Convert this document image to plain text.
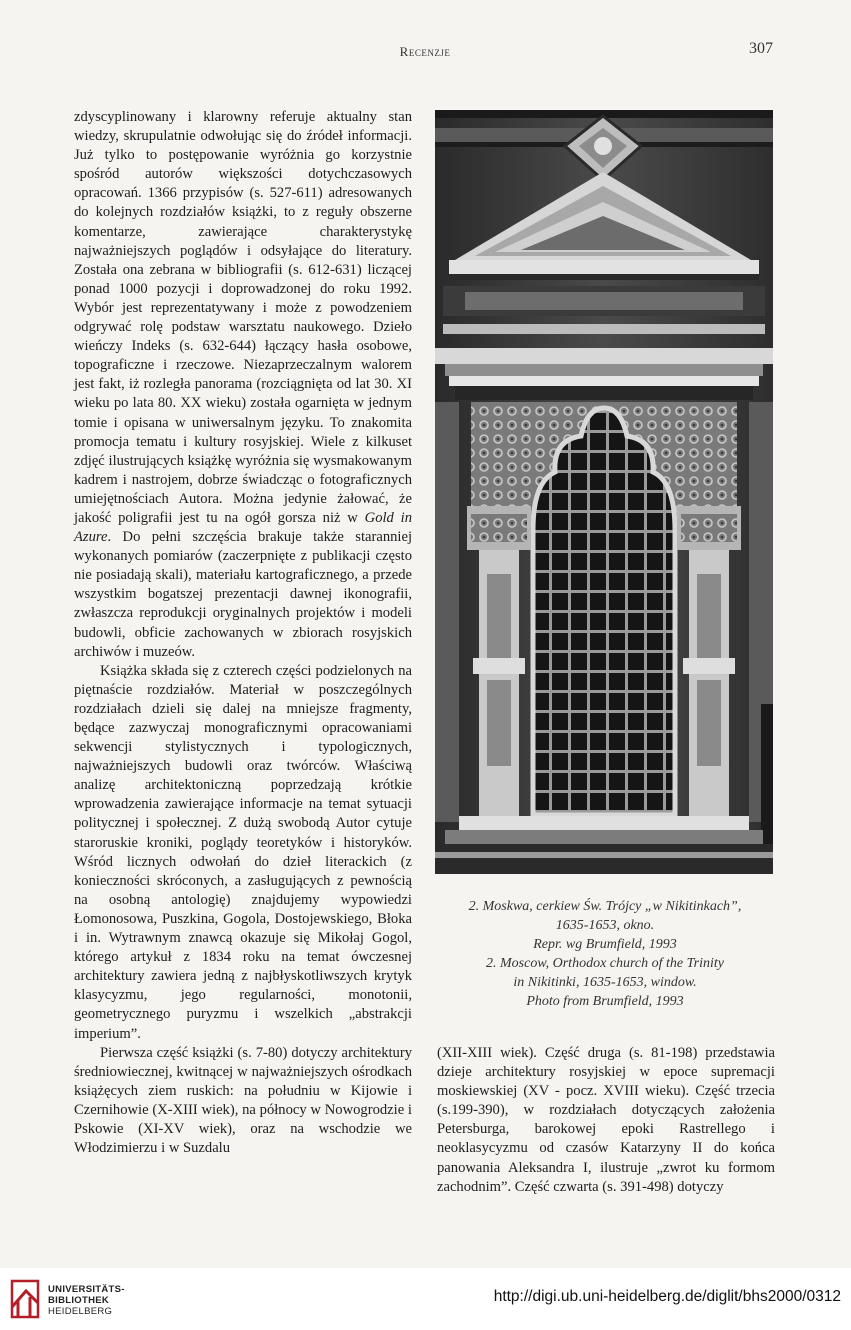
Recenzje	307

zdyscyplinowany i klarowny referuje aktualny stan wiedzy, skrupulatnie odwołując się do źródeł informacji. Już tylko to postępowanie wyróżnia go korzystnie spośród autorów większości dotychczasowych opracowań. 1366 przypisów (s. 527-611) adresowanych do kolejnych rozdziałów książki, to z reguły obszerne komentarze, zawierające charakterystykę najważniejszych poglądów i odsyłające do literatury. Została ona zebrana w bibliografii (s. 612-631) liczącej ponad 1000 pozycji i doprowadzonej do roku 1992. Wybór jest reprezentatywany i może z powodzeniem odgrywać rolę podstaw warsztatu naukowego. Dzieło wieńczy Indeks (s. 632-644) łączący hasła osobowe, topograficzne i rzeczowe. Niezaprzeczalnym walorem jest fakt, iż rozległa panorama (rozciągnięta od lat 30. XI wieku po lata 80. XX wieku) została ogarnięta w jednym tomie i opisana w uniwersalnym języku. To znakomita promocja tematu i kultury rosyjskiej. Wiele z kilkuset zdjęć ilustrujących książkę wyróżnia się wysmakowanym kadrem i nastrojem, dobrze świadcząc o fotograficznych umiejętnościach Autora. Można jedynie żałować, że jakość poligrafii jest tu na ogół gorsza niż w Gold in Azure. Do pełni szczęścia brakuje także staranniej wykonanych pomiarów (zaczerpnięte z publikacji często nie posiadają skali), materiału kartograficznego, a przede wszystkim bogatszej prezentacji dawnej ikonografii, zwłaszcza reprodukcji oryginalnych projektów i modeli budowli, obficie zachowanych w zbiorach rosyjskich archiwów i muzeów.

Książka składa się z czterech części podzielonych na piętnaście rozdziałów. Materiał w poszczególnych rozdziałach dzieli się dalej na mniejsze fragmenty, będące zazwyczaj monograficznymi opracowaniami sekwencji stylistycznych i typologicznych, najważniejszych budowli oraz twórców. Właściwą analizę architektoniczną poprzedzają krótkie wprowadzenia zawierające informacje na temat sytuacji politycznej i społecznej. Z dużą swobodą Autor cytuje staroruskie kroniki, poglądy teoretyków i historyków. Wśród licznych odwołań do dzieł literackich (z konieczności skróconych, a zasługujących z pewnością na osobną antologię) znajdujemy wypowiedzi Łomonosowa, Puszkina, Gogola, Dostojewskiego, Błoka i in. Wytrawnym znawcą okazuje się Mikołaj Gogol, którego artykuł z 1834 roku na temat ówczesnej architektury zawiera jedną z najbłyskotliwszych krytyk klasycyzmu, jego regularności, monotonii, geometrycznego puryzmu i wszelkich „abstrakcji imperium”.

Pierwsza część książki (s. 7-80) dotyczy architektury średniowiecznej, kwitnącej w najważniejszych ośrodkach książęcych ziem ruskich: na południu w Kijowie i Czernihowie (X-XIII wiek), na północy w Nowogrodzie i Pskowie (XI-XV wiek), oraz na wschodzie we Włodzimierzu i w Suzdalu

2. Moskwa, cerkiew Św. Trójcy „w Nikitinkach”,
1635-1653, okno.
Repr. wg Brumfield, 1993
2. Moscow, Orthodox church of the Trinity
in Nikitinki, 1635-1653, window.
Photo from Brumfield, 1993

(XII-XIII wiek). Część druga (s. 81-198) przedstawia dzieje architektury rosyjskiej w epoce supremacji moskiewskiej (XV - pocz. XVIII wieku). Część trzecia (s.199-390), w rozdziałach dotyczących założenia Petersburga, barokowej epoki Rastrellego i neoklasycyzmu od czasów Katarzyny II do końca panowania Aleksandra I, ilustruje „zwrot ku formom zachodnim”. Część czwarta (s. 391-498) dotyczy

UNIVERSITÄTS-
BIBLIOTHEK
HEIDELBERG
http://digi.ub.uni-heidelberg.de/diglit/bhs2000/0312
